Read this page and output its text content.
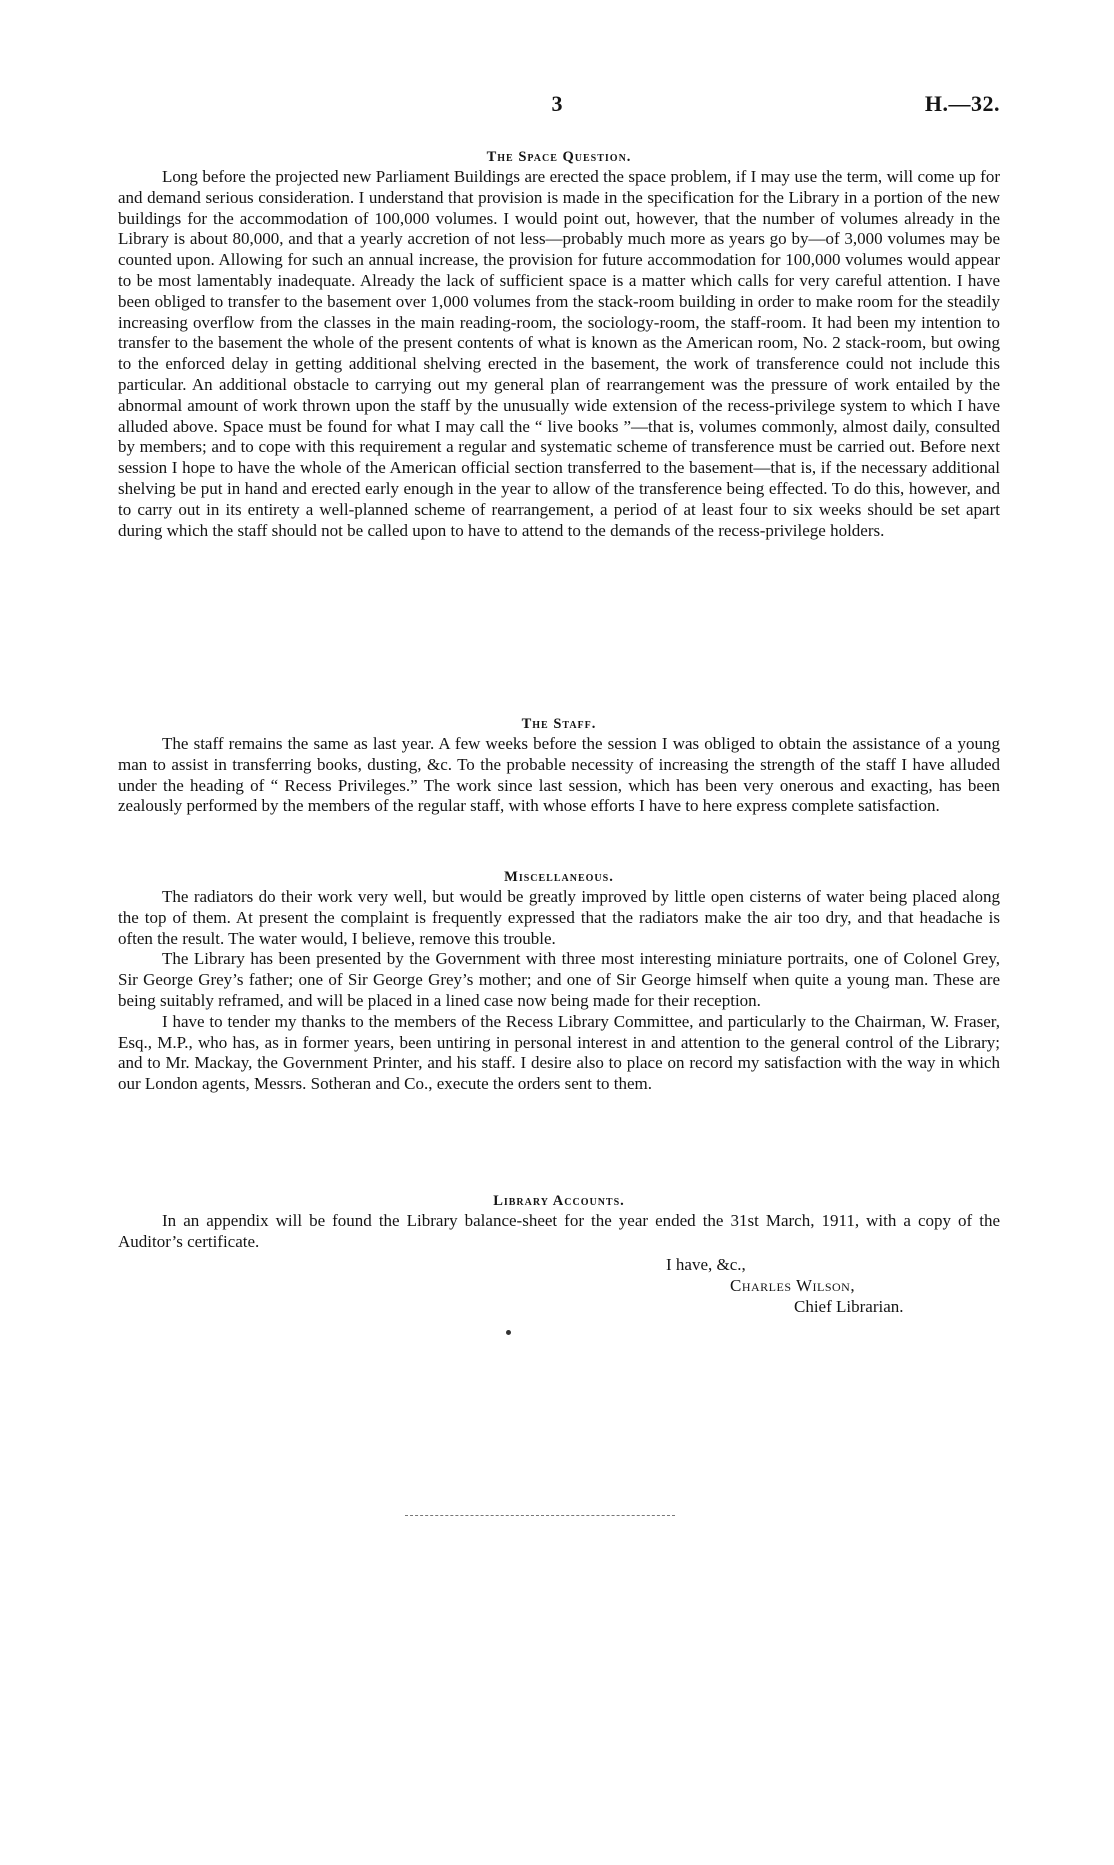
3	H.—32.
The Space Question.

Long before the projected new Parliament Buildings are erected the space problem, if I may use the term, will come up for and demand serious consideration. I understand that provision is made in the specification for the Library in a portion of the new buildings for the accommodation of 100,000 volumes. I would point out, however, that the number of volumes already in the Library is about 80,000, and that a yearly accretion of not less—probably much more as years go by—of 3,000 volumes may be counted upon. Allowing for such an annual increase, the provision for future accommodation for 100,000 volumes would appear to be most lamentably inadequate. Already the lack of sufficient space is a matter which calls for very careful attention. I have been obliged to transfer to the basement over 1,000 volumes from the stack-room building in order to make room for the steadily increasing overflow from the classes in the main reading-room, the sociology-room, the staff-room. It had been my intention to transfer to the basement the whole of the present contents of what is known as the American room, No. 2 stack-room, but owing to the enforced delay in getting additional shelving erected in the basement, the work of transference could not include this particular. An additional obstacle to carrying out my general plan of rearrangement was the pressure of work entailed by the abnormal amount of work thrown upon the staff by the unusually wide extension of the recess-privilege system to which I have alluded above. Space must be found for what I may call the “ live books ”—that is, volumes commonly, almost daily, consulted by members; and to cope with this requirement a regular and systematic scheme of transference must be carried out. Before next session I hope to have the whole of the American official section transferred to the basement—that is, if the necessary additional shelving be put in hand and erected early enough in the year to allow of the transference being effected. To do this, however, and to carry out in its entirety a well-planned scheme of rearrangement, a period of at least four to six weeks should be set apart during which the staff should not be called upon to have to attend to the demands of the recess-privilege holders.

The Staff.

The staff remains the same as last year. A few weeks before the session I was obliged to obtain the assistance of a young man to assist in transferring books, dusting, &c. To the probable necessity of increasing the strength of the staff I have alluded under the heading of “ Recess Privileges.” The work since last session, which has been very onerous and exacting, has been zealously performed by the members of the regular staff, with whose efforts I have to here express complete satisfaction.

Miscellaneous.

The radiators do their work very well, but would be greatly improved by little open cisterns of water being placed along the top of them. At present the complaint is frequently expressed that the radiators make the air too dry, and that headache is often the result. The water would, I believe, remove this trouble.

The Library has been presented by the Government with three most interesting miniature portraits, one of Colonel Grey, Sir George Grey’s father; one of Sir George Grey’s mother; and one of Sir George himself when quite a young man. These are being suitably reframed, and will be placed in a lined case now being made for their reception.

I have to tender my thanks to the members of the Recess Library Committee, and particularly to the Chairman, W. Fraser, Esq., M.P., who has, as in former years, been untiring in personal interest in and attention to the general control of the Library; and to Mr. Mackay, the Government Printer, and his staff. I desire also to place on record my satisfaction with the way in which our London agents, Messrs. Sotheran and Co., execute the orders sent to them.

Library Accounts.

In an appendix will be found the Library balance-sheet for the year ended the 31st March, 1911, with a copy of the Auditor’s certificate.

I have, &c.,
Charles Wilson,
Chief Librarian.
